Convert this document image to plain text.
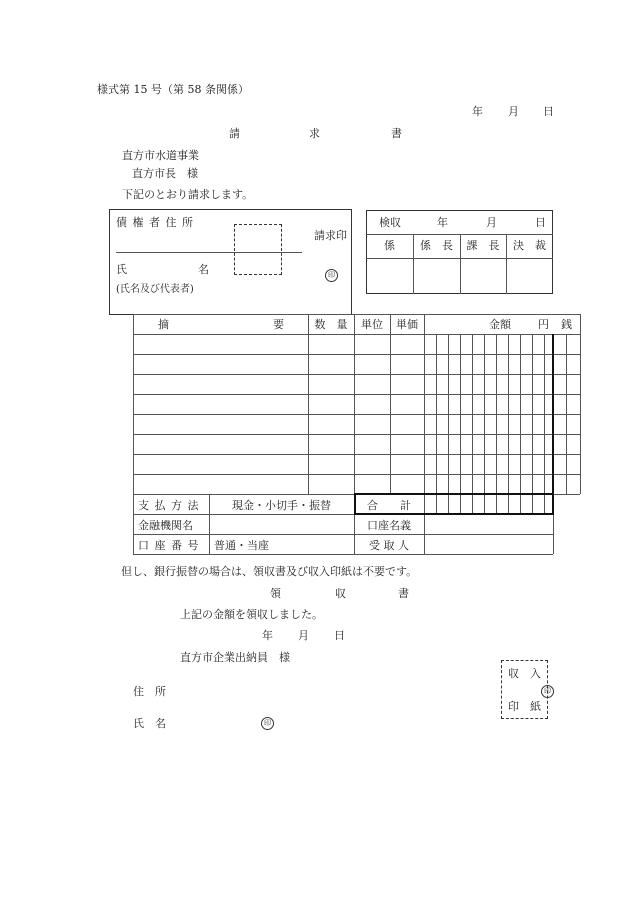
様式第 15 号（第 58 条関係）
年 月 日
請	求	書
直方市水道事業
直方市長　様
下記のとおり請求します。
債 権 者 住 所
請求印
印
氏	名
(氏名及び代表者)
検収	年	月	日
係	係　長	課　長	決　裁
摘	要	数　量	単位	単価	金額 円 銭
支 払 方 法	現金・小切手・振替	合　　計
金融機関名	口座名義
口 座 番 号 普通・当座	受 取 人
但し、銀行振替の場合は、領収書及び収入印紙は不要です。
領	収	書
上記の金額を領収しました。
年 月 日
直方市企業出納員　様
住　所
氏　名	印
収　入
印
印　紙
